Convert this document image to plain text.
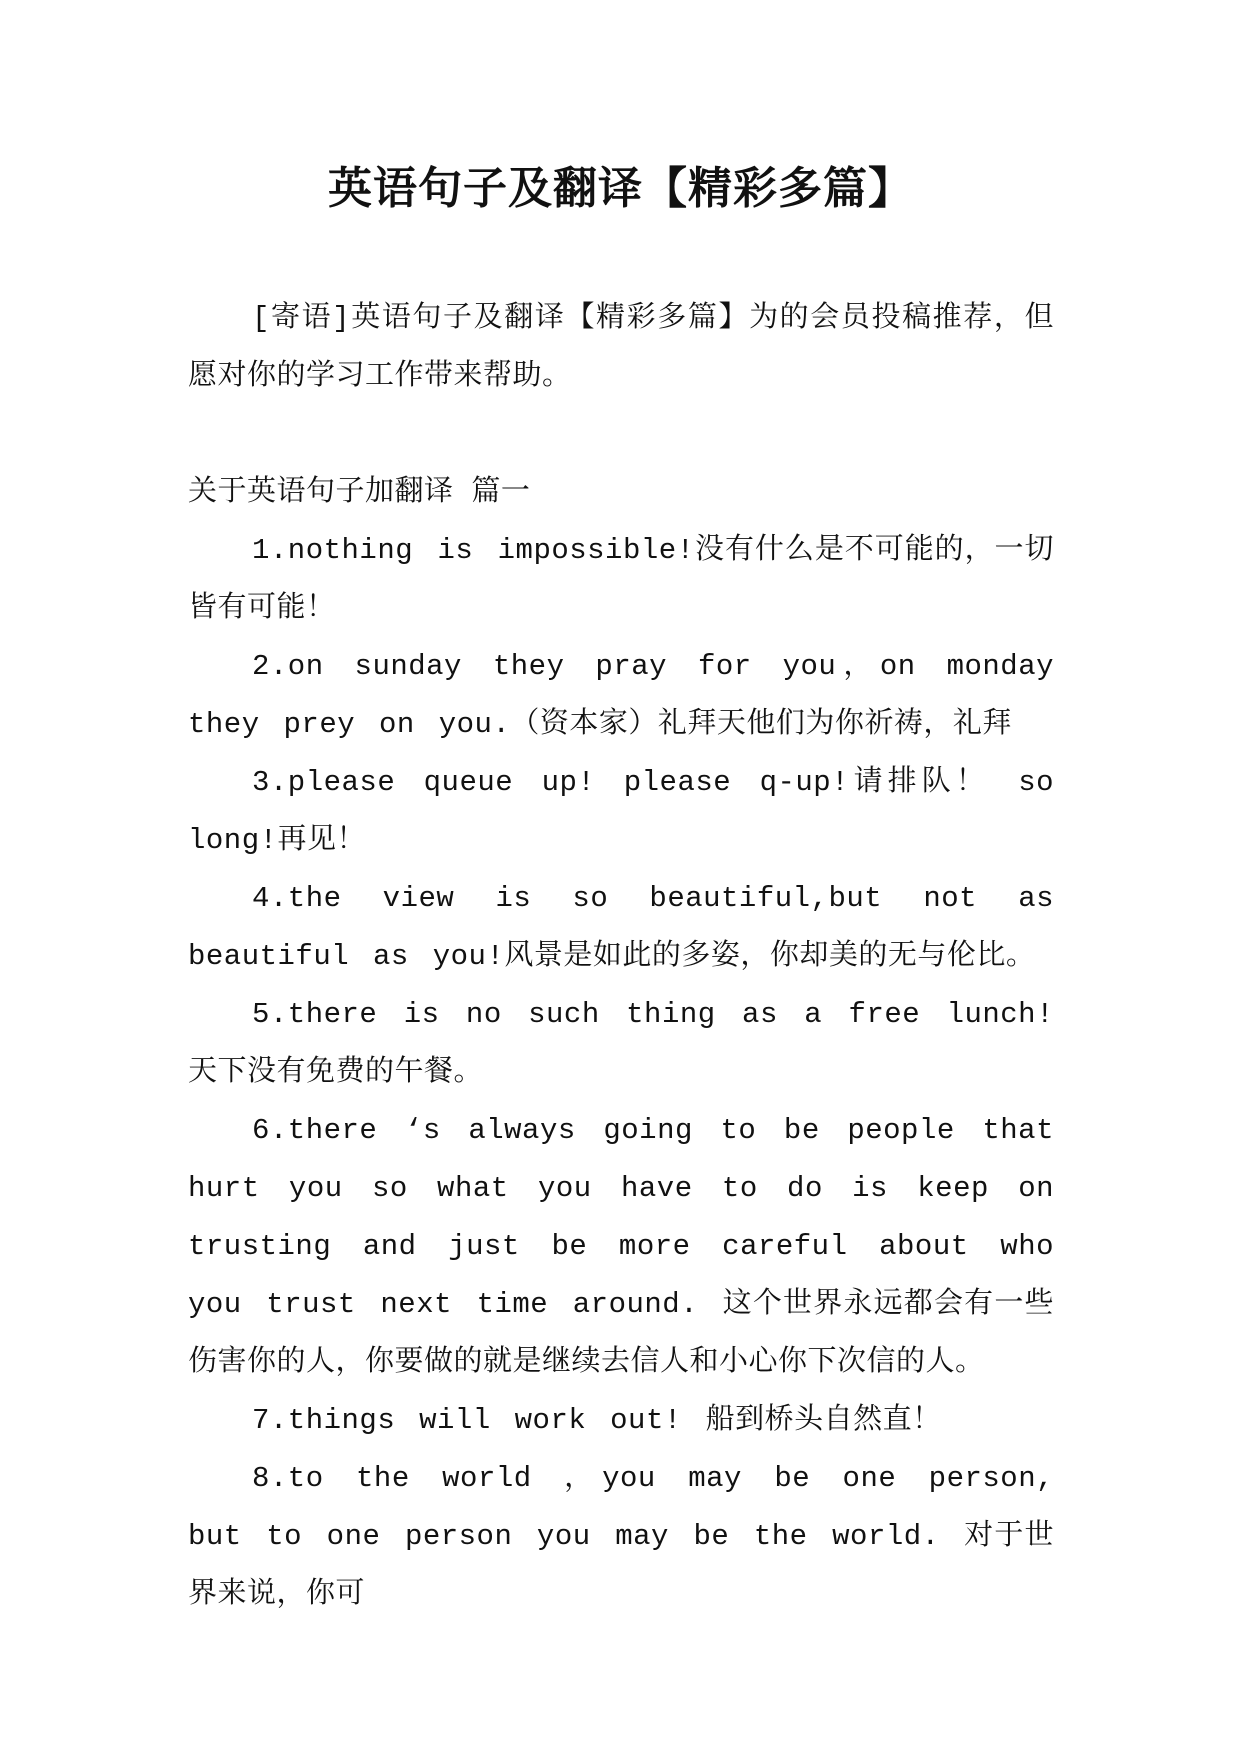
英语句子及翻译【精彩多篇】

[寄语]英语句子及翻译【精彩多篇】为的会员投稿推荐，但愿对你的学习工作带来帮助。

关于英语句子加翻译 篇一

1.nothing is impossible!没有什么是不可能的，一切皆有可能！

2.on sunday they pray for you，on monday they prey on you.（资本家）礼拜天他们为你祈祷，礼拜

3.please queue up! please q-up!请排队！ so long!再见！

4.the view is so beautiful,but not as beautiful as you!风景是如此的多姿，你却美的无与伦比。

5.there is no such thing as a free lunch!天下没有免费的午餐。

6.there ‘s always going to be people that hurt you so what you have to do is keep on trusting and just be more careful about who you trust next time around. 这个世界永远都会有一些伤害你的人，你要做的就是继续去信人和小心你下次信的人。

7.things will work out! 船到桥头自然直！

8.to the world ，you may be one person, but to one person you may be the world. 对于世界来说，你可
